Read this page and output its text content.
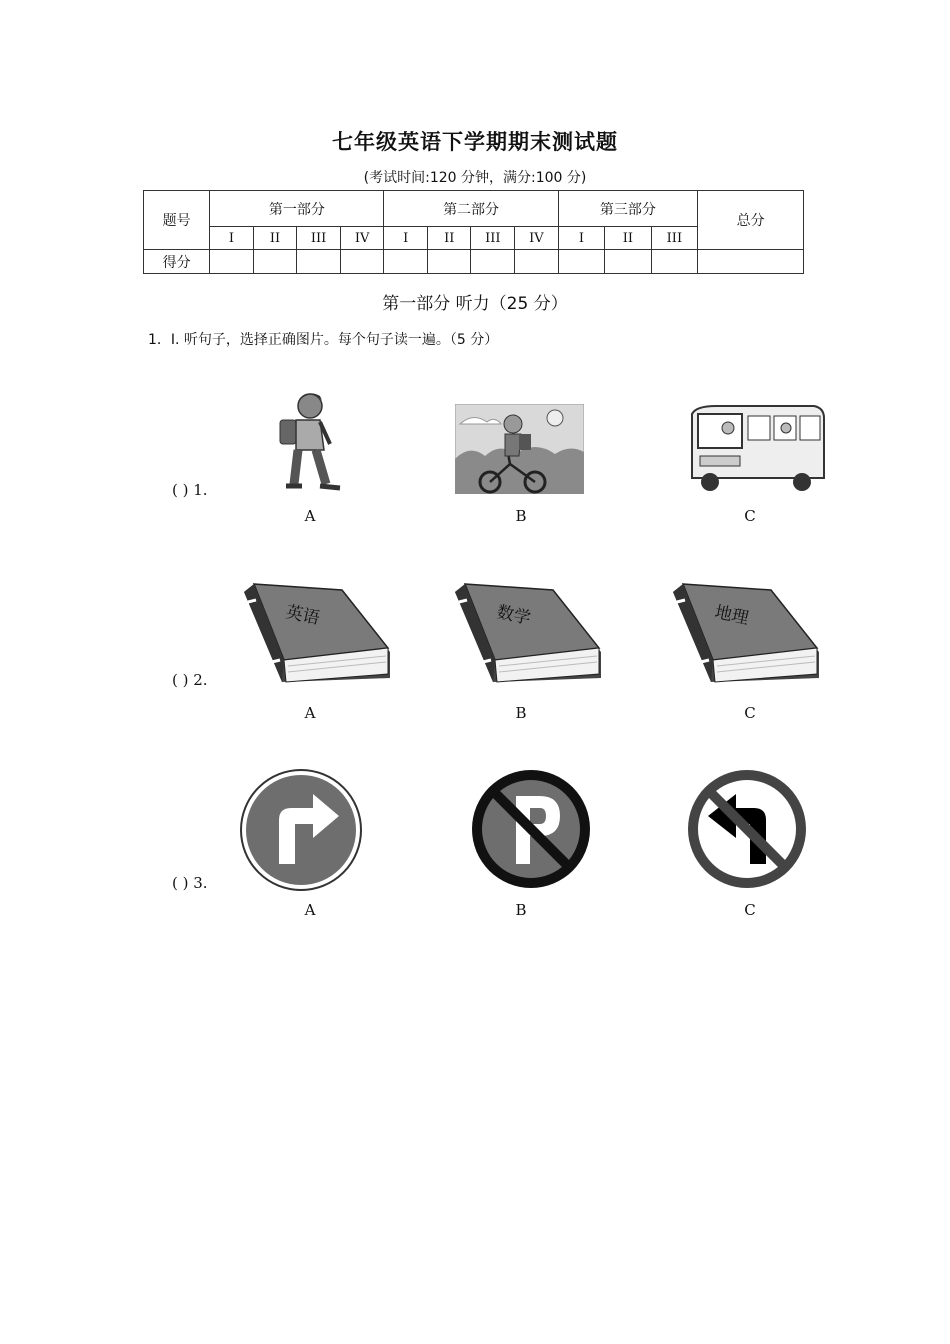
七年级英语下学期期末测试题
(考试时间:120 分钟，满分:100 分)
题号	第一部分				第二部分				第三部分			总分
	I	II	III	IV	I	II	III	IV	I	II	III	
得分												
第一部分 听力（25 分）
1．Ⅰ. 听句子，选择正确图片。每个句子读一遍。（5 分）
( ) 1.
A	B	C
( ) 2.
英语	数学	地理
A	B	C
( ) 3.
A	B	C
